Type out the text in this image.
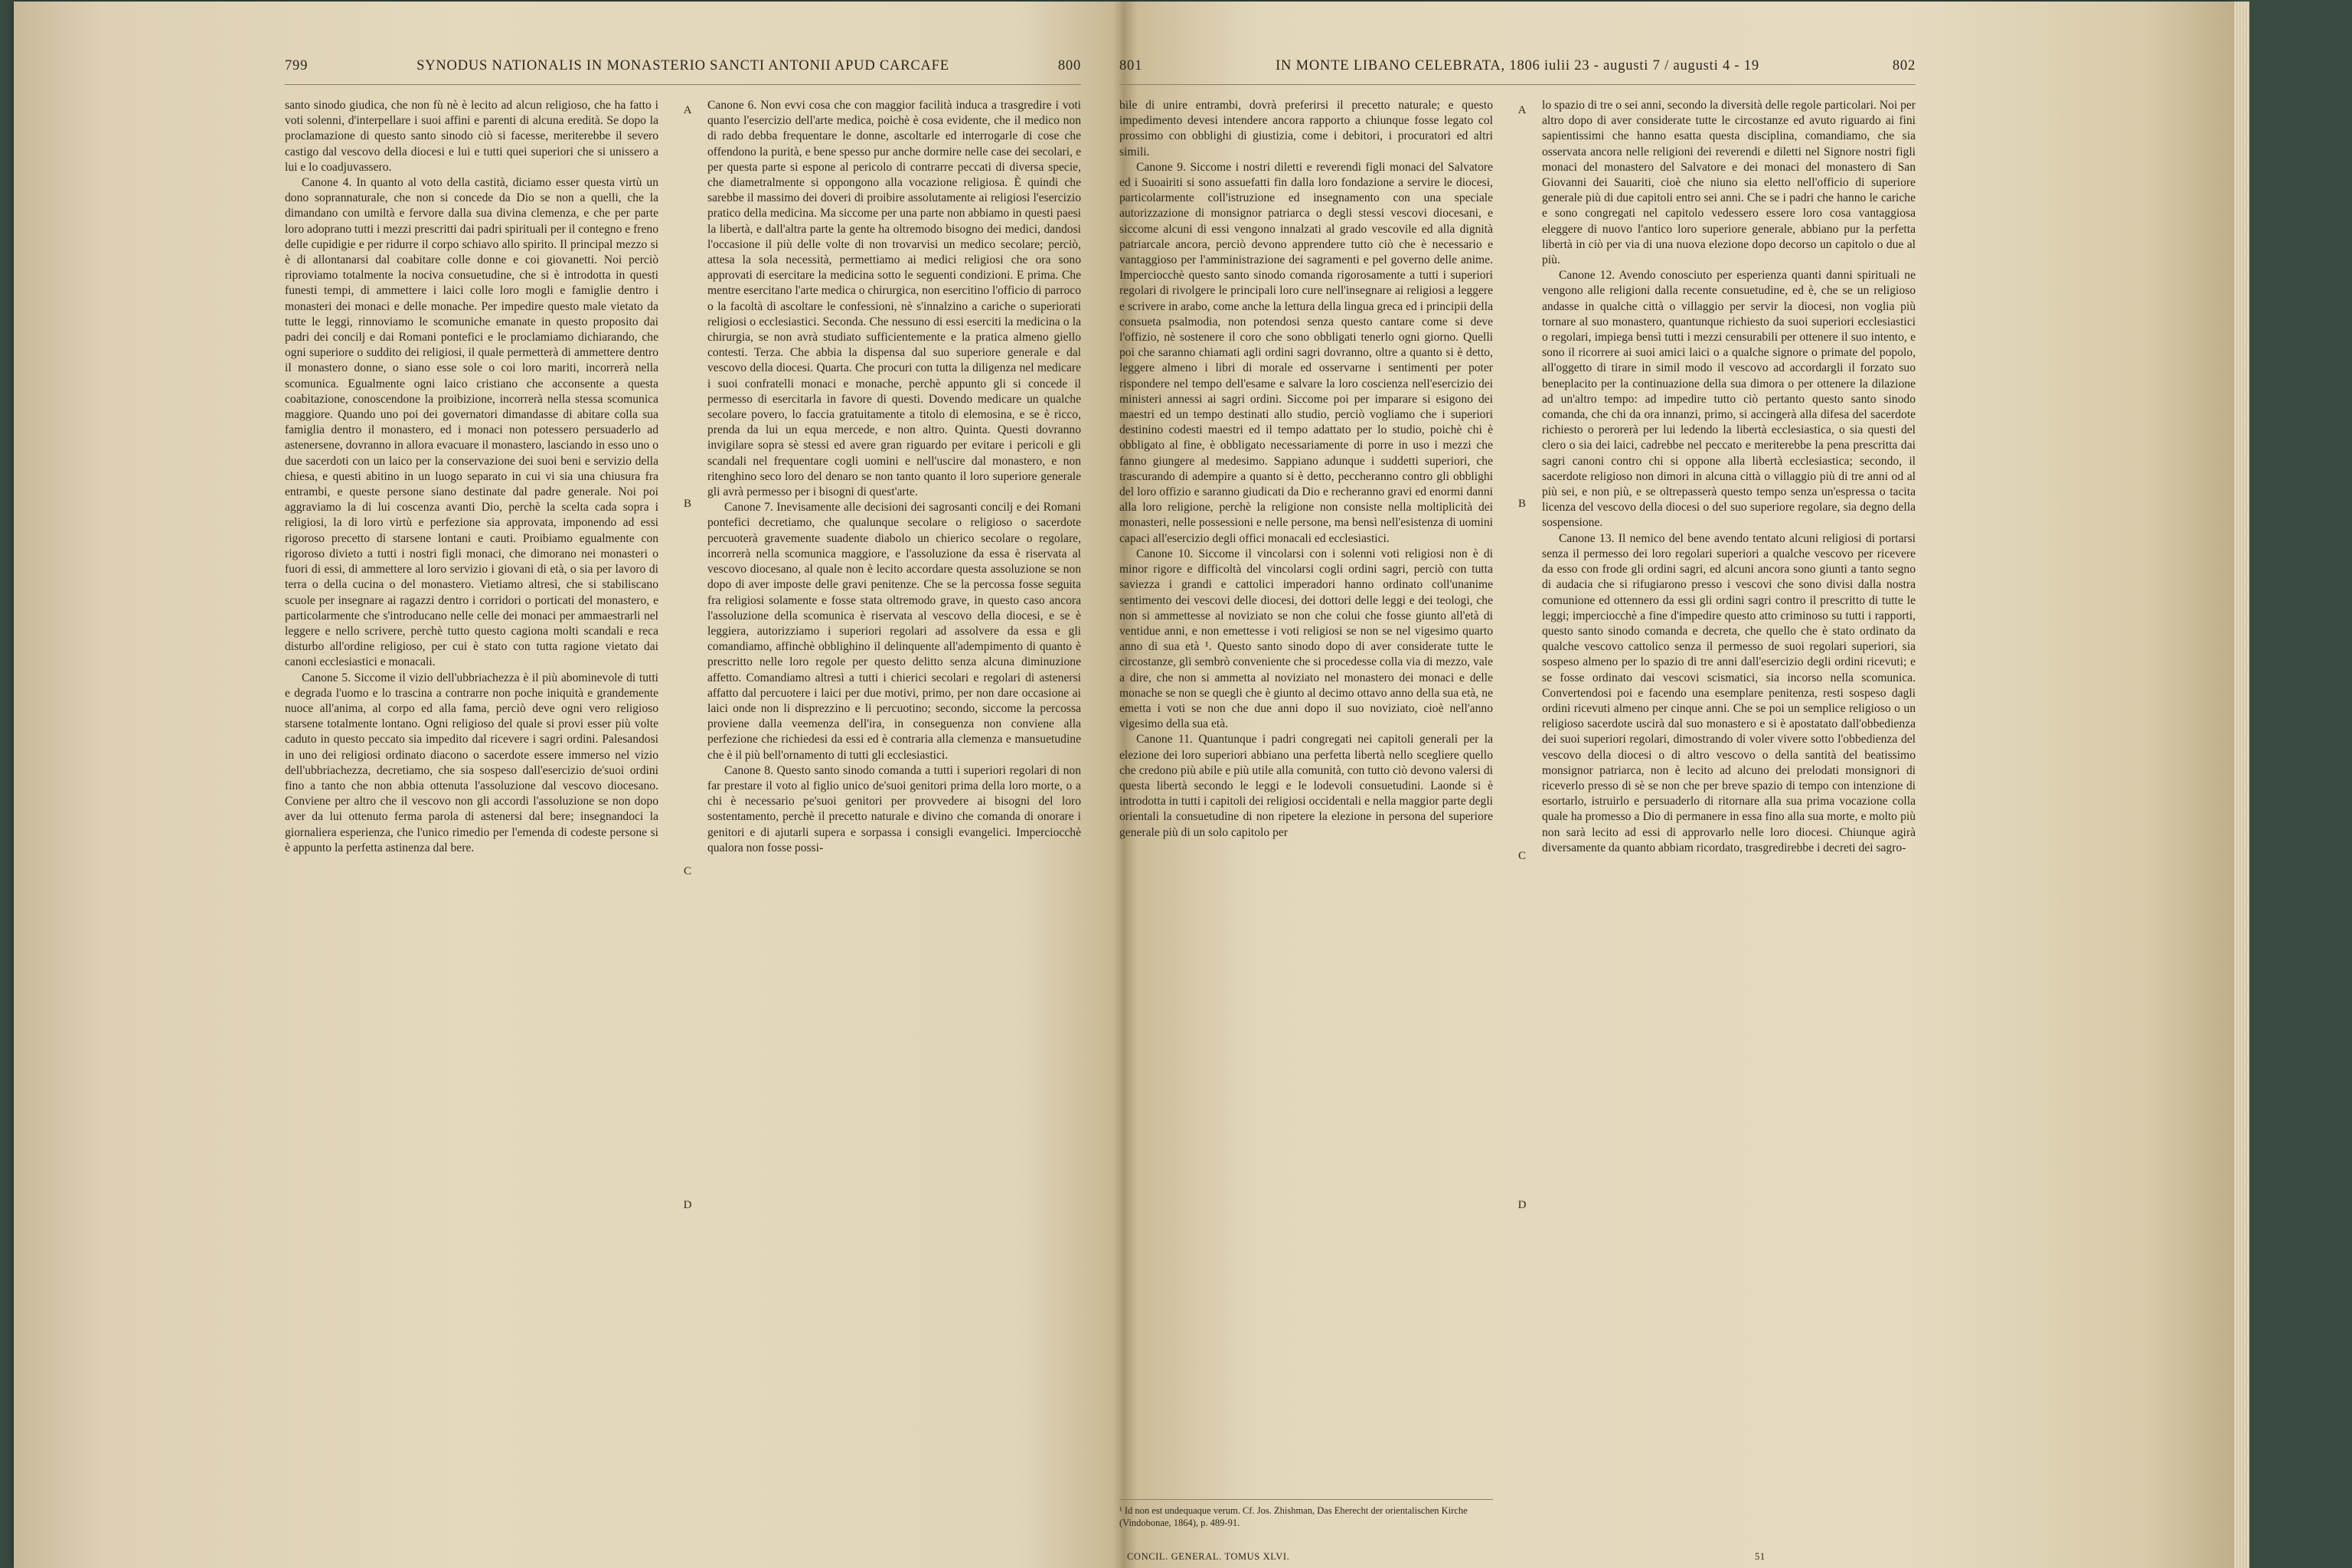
799	SYNODUS NATIONALIS IN MONASTERIO SANCTI ANTONII APUD CARCAFE	800

santo sinodo giudica, che non fù nè è lecito ad alcun religioso, che ha fatto i voti solenni, d'interpellare i suoi affini e parenti di alcuna eredità. Se dopo la proclamazione di questo santo sinodo ciò si facesse, meriterebbe il severo castigo dal vescovo della diocesi e lui e tutti quei superiori che si unissero a lui e lo coadjuvassero.

Canone 4. In quanto al voto della castità, diciamo esser questa virtù un dono soprannaturale, che non si concede da Dio se non a quelli, che la dimandano con umiltà e fervore dalla sua divina clemenza, e che per parte loro adoprano tutti i mezzi prescritti dai padri spirituali per il contegno e freno delle cupidigie e per ridurre il corpo schiavo allo spirito. Il principal mezzo si è di allontanarsi dal coabitare colle donne e coi giovanetti. Noi perciò riproviamo totalmente la nociva consuetudine, che si è introdotta in questi funesti tempi, di ammettere i laici colle loro mogli e famiglie dentro i monasteri dei monaci e delle monache. Per impedire questo male vietato da tutte le leggi, rinnoviamo le scomuniche emanate in questo proposito dai padri dei concilj e dai Romani pontefici e le proclamiamo dichiarando, che ogni superiore o suddito dei religiosi, il quale permetterà di ammettere dentro il monastero donne, o siano esse sole o coi loro mariti, incorrerà nella scomunica. Egualmente ogni laico cristiano che acconsente a questa coabitazione, conoscendone la proibizione, incorrerà nella stessa scomunica maggiore. Quando uno poi dei governatori dimandasse di abitare colla sua famiglia dentro il monastero, ed i monaci non potessero persuaderlo ad astenersene, dovranno in allora evacuare il monastero, lasciando in esso uno o due sacerdoti con un laico per la conservazione dei suoi beni e servizio della chiesa, e questi abitino in un luogo separato in cui vi sia una chiusura fra entrambi, e queste persone siano destinate dal padre generale. Noi poi aggraviamo la di lui coscenza avanti Dio, perchè la scelta cada sopra i religiosi, la di loro virtù e perfezione sia approvata, imponendo ad essi rigoroso precetto di starsene lontani e cauti. Proibiamo egualmente con rigoroso divieto a tutti i nostri figli monaci, che dimorano nei monasteri o fuori di essi, di ammettere al loro servizio i giovani di età, o sia per lavoro di terra o della cucina o del monastero. Vietiamo altresì, che si stabiliscano scuole per insegnare ai ragazzi dentro i corridori o porticati del monastero, e particolarmente che s'introducano nelle celle dei monaci per ammaestrarli nel leggere e nello scrivere, perchè tutto questo cagiona molti scandali e reca disturbo all'ordine religioso, per cui è stato con tutta ragione vietato dai canoni ecclesiastici e monacali.

Canone 5. Siccome il vizio dell'ubbriachezza è il più abominevole di tutti e degrada l'uomo e lo trascina a contrarre non poche iniquità e grandemente nuoce all'anima, al corpo ed alla fama, perciò deve ogni vero religioso starsene totalmente lontano. Ogni religioso del quale si provi esser più volte caduto in questo peccato sia impedito dal ricevere i sagri ordini. Palesandosi in uno dei religiosi ordinato diacono o sacerdote essere immerso nel vizio dell'ubbriachezza, decretiamo, che sia sospeso dall'esercizio de'suoi ordini fino a tanto che non abbia ottenuta l'assoluzione dal vescovo diocesano. Conviene per altro che il vescovo non gli accordi l'assoluzione se non dopo aver da lui ottenuto ferma parola di astenersi dal bere; insegnandoci la giornaliera esperienza, che l'unico rimedio per l'emenda di codeste persone si è appunto la perfetta astinenza dal bere.

A
B
C
D

Canone 6. Non evvi cosa che con maggior facilità induca a trasgredire i voti quanto l'esercizio dell'arte medica, poichè è cosa evidente, che il medico non di rado debba frequentare le donne, ascoltarle ed interrogarle di cose che offendono la purità, e bene spesso pur anche dormire nelle case dei secolari, e per questa parte si espone al pericolo di contrarre peccati di diversa specie, che diametralmente si oppongono alla vocazione religiosa. È quindi che sarebbe il massimo dei doveri di proibire assolutamente ai religiosi l'esercizio pratico della medicina. Ma siccome per una parte non abbiamo in questi paesi la libertà, e dall'altra parte la gente ha oltremodo bisogno dei medici, dandosi l'occasione il più delle volte di non trovarvisi un medico secolare; perciò, attesa la sola necessità, permettiamo ai medici religiosi che ora sono approvati di esercitare la medicina sotto le seguenti condizioni. E prima. Che mentre esercitano l'arte medica o chirurgica, non esercitino l'officio di parroco o la facoltà di ascoltare le confessioni, nè s'innalzino a cariche o superiorati religiosi o ecclesiastici. Seconda. Che nessuno di essi eserciti la medicina o la chirurgia, se non avrà studiato sufficientemente e la pratica almeno giello contesti. Terza. Che abbia la dispensa dal suo superiore generale e dal vescovo della diocesi. Quarta. Che procuri con tutta la diligenza nel medicare i suoi confratelli monaci e monache, perchè appunto gli si concede il permesso di esercitarla in favore di questi. Dovendo medicare un qualche secolare povero, lo faccia gratuitamente a titolo di elemosina, e se è ricco, prenda da lui un equa mercede, e non altro. Quinta. Questi dovranno invigilare sopra sè stessi ed avere gran riguardo per evitare i pericoli e gli scandali nel frequentare cogli uomini e nell'uscire dal monastero, e non ritenghino seco loro del denaro se non tanto quanto il loro superiore generale gli avrà permesso per i bisogni di quest'arte.

Canone 7. Inevisamente alle decisioni dei sagrosanti concilj e dei Romani pontefici decretiamo, che qualunque secolare o religioso o sacerdote percuoterà gravemente suadente diabolo un chierico secolare o regolare, incorrerà nella scomunica maggiore, e l'assoluzione da essa è riservata al vescovo diocesano, al quale non è lecito accordare questa assoluzione se non dopo di aver imposte delle gravi penitenze. Che se la percossa fosse seguita fra religiosi solamente e fosse stata oltremodo grave, in questo caso ancora l'assoluzione della scomunica è riservata al vescovo della diocesi, e se è leggiera, autorizziamo i superiori regolari ad assolvere da essa e gli comandiamo, affinchè obblighino il delinquente all'adempimento di quanto è prescritto nelle loro regole per questo delitto senza alcuna diminuzione affetto. Comandiamo altresì a tutti i chierici secolari e regolari di astenersi affatto dal percuotere i laici per due motivi, primo, per non dare occasione ai laici onde non li disprezzino e li percuotino; secondo, siccome la percossa proviene dalla veemenza dell'ira, in conseguenza non conviene alla perfezione che richiedesi da essi ed è contraria alla clemenza e mansuetudine che è il più bell'ornamento di tutti gli ecclesiastici.

Canone 8. Questo santo sinodo comanda a tutti i superiori regolari di non far prestare il voto al figlio unico de'suoi genitori prima della loro morte, o a chi è necessario pe'suoi genitori per provvedere ai bisogni del loro sostentamento, perchè il precetto naturale e divino che comanda di onorare i genitori e di ajutarli supera e sorpassa i consigli evangelici. Imperciocchè qualora non fosse possi-

801	IN MONTE LIBANO CELEBRATA, 1806 iulii 23 - augusti 7 / augusti 4 - 19	802

bile di unire entrambi, dovrà preferirsi il precetto naturale; e questo impedimento devesi intendere ancora rapporto a chiunque fosse legato col prossimo con obblighi di giustizia, come i debitori, i procuratori ed altri simili.

Canone 9. Siccome i nostri diletti e reverendi figli monaci del Salvatore ed i Suoairiti si sono assuefatti fin dalla loro fondazione a servire le diocesi, particolarmente coll'istruzione ed insegnamento con una speciale autorizzazione di monsignor patriarca o degli stessi vescovi diocesani, e siccome alcuni di essi vengono innalzati al grado vescovile ed alla dignità patriarcale ancora, perciò devono apprendere tutto ciò che è necessario e vantaggioso per l'amministrazione dei sagramenti e pel governo delle anime. Imperciocchè questo santo sinodo comanda rigorosamente a tutti i superiori regolari di rivolgere le principali loro cure nell'insegnare ai religiosi a leggere e scrivere in arabo, come anche la lettura della lingua greca ed i principii della consueta psalmodia, non potendosi senza questo cantare come si deve l'offizio, nè sostenere il coro che sono obbligati tenerlo ogni giorno. Quelli poi che saranno chiamati agli ordini sagri dovranno, oltre a quanto si è detto, leggere almeno i libri di morale ed osservarne i sentimenti per poter rispondere nel tempo dell'esame e salvare la loro coscienza nell'esercizio dei ministeri annessi ai sagri ordini. Siccome poi per imparare si esigono dei maestri ed un tempo destinati allo studio, perciò vogliamo che i superiori destinino codesti maestri ed il tempo adattato per lo studio, poichè chi è obbligato al fine, è obbligato necessariamente di porre in uso i mezzi che fanno giungere al medesimo. Sappiano adunque i suddetti superiori, che trascurando di adempire a quanto si è detto, peccheranno contro gli obblighi del loro offizio e saranno giudicati da Dio e recheranno gravi ed enormi danni alla loro religione, perchè la religione non consiste nella moltiplicità dei monasteri, nelle possessioni e nelle persone, ma bensì nell'esistenza di uomini capaci all'esercizio degli offici monacali ed ecclesiastici.

Canone 10. Siccome il vincolarsi con i solenni voti religiosi non è di minor rigore e difficoltà del vincolarsi cogli ordini sagri, perciò con tutta saviezza i grandi e cattolici imperadori hanno ordinato coll'unanime sentimento dei vescovi delle diocesi, dei dottori delle leggi e dei teologi, che non si ammettesse al noviziato se non che colui che fosse giunto all'età di ventidue anni, e non emettesse i voti religiosi se non se nel vigesimo quarto anno di sua età ¹. Questo santo sinodo dopo di aver considerate tutte le circostanze, gli sembrò conveniente che si procedesse colla via di mezzo, vale a dire, che non si ammetta al noviziato nel monastero dei monaci e delle monache se non se quegli che è giunto al decimo ottavo anno della sua età, ne emetta i voti se non che due anni dopo il suo noviziato, cioè nell'anno vigesimo della sua età.

Canone 11. Quantunque i padri congregati nei capitoli generali per la elezione dei loro superiori abbiano una perfetta libertà nello scegliere quello che credono più abile e più utile alla comunità, con tutto ciò devono valersi di questa libertà secondo le leggi e le lodevoli consuetudini. Laonde si è introdotta in tutti i capitoli dei religiosi occidentali e nella maggior parte degli orientali la consuetudine di non ripetere la elezione in persona del superiore generale più di un solo capitolo per

A
B
C
D

lo spazio di tre o sei anni, secondo la diversità delle regole particolari. Noi per altro dopo di aver considerate tutte le circostanze ed avuto riguardo ai fini sapientissimi che hanno esatta questa disciplina, comandiamo, che sia osservata ancora nelle religioni dei reverendi e diletti nel Signore nostri figli monaci del monastero del Salvatore e dei monaci del monastero di San Giovanni dei Sauariti, cioè che niuno sia eletto nell'officio di superiore generale più di due capitoli entro sei anni. Che se i padri che hanno le cariche e sono congregati nel capitolo vedessero essere loro cosa vantaggiosa eleggere di nuovo l'antico loro superiore generale, abbiano pur la perfetta libertà in ciò per via di una nuova elezione dopo decorso un capitolo o due al più.

Canone 12. Avendo conosciuto per esperienza quanti danni spirituali ne vengono alle religioni dalla recente consuetudine, ed è, che se un religioso andasse in qualche città o villaggio per servir la diocesi, non voglia più tornare al suo monastero, quantunque richiesto da suoi superiori ecclesiastici o regolari, impiega bensì tutti i mezzi censurabili per ottenere il suo intento, e sono il ricorrere ai suoi amici laici o a qualche signore o primate del popolo, all'oggetto di tirare in simil modo il vescovo ad accordargli il forzato suo beneplacito per la continuazione della sua dimora o per ottenere la dilazione ad un'altro tempo: ad impedire tutto ciò pertanto questo santo sinodo comanda, che chi da ora innanzi, primo, si accingerà alla difesa del sacerdote richiesto o perorerà per lui ledendo la libertà ecclesiastica, o sia questi del clero o sia dei laici, cadrebbe nel peccato e meriterebbe la pena prescritta dai sagri canoni contro chi si oppone alla libertà ecclesiastica; secondo, il sacerdote religioso non dimori in alcuna città o villaggio più di tre anni od al più sei, e non più, e se oltrepasserà questo tempo senza un'espressa o tacita licenza del vescovo della diocesi o del suo superiore regolare, sia degno della sospensione.

Canone 13. Il nemico del bene avendo tentato alcuni religiosi di portarsi senza il permesso dei loro regolari superiori a qualche vescovo per ricevere da esso con frode gli ordini sagri, ed alcuni ancora sono giunti a tanto segno di audacia che si rifugiarono presso i vescovi che sono divisi dalla nostra comunione ed ottennero da essi gli ordini sagri contro il prescritto di tutte le leggi; imperciocchè a fine d'impedire questo atto criminoso su tutti i rapporti, questo santo sinodo comanda e decreta, che quello che è stato ordinato da qualche vescovo cattolico senza il permesso de suoi regolari superiori, sia sospeso almeno per lo spazio di tre anni dall'esercizio degli ordini ricevuti; e se fosse ordinato dai vescovi scismatici, sia incorso nella scomunica. Convertendosi poi e facendo una esemplare penitenza, resti sospeso dagli ordini ricevuti almeno per cinque anni. Che se poi un semplice religioso o un religioso sacerdote uscirà dal suo monastero e si è apostatato dall'obbedienza dei suoi superiori regolari, dimostrando di voler vivere sotto l'obbedienza del vescovo della diocesi o di altro vescovo o della santità del beatissimo monsignor patriarca, non è lecito ad alcuno dei prelodati monsignori di riceverlo presso di sè se non che per breve spazio di tempo con intenzione di esortarlo, istruirlo e persuaderlo di ritornare alla sua prima vocazione colla quale ha promesso a Dio di permanere in essa fino alla sua morte, e molto più non sarà lecito ad essi di approvarlo nelle loro diocesi. Chiunque agirà diversamente da quanto abbiam ricordato, trasgredirebbe i decreti dei sagro-

¹ Id non est undequaque verum. Cf. Jos. Zhishman, Das Eherecht der orientalischen Kirche (Vindobonae, 1864), p. 489-91.
CONCIL. GENERAL. TOMUS XLVI.	51
